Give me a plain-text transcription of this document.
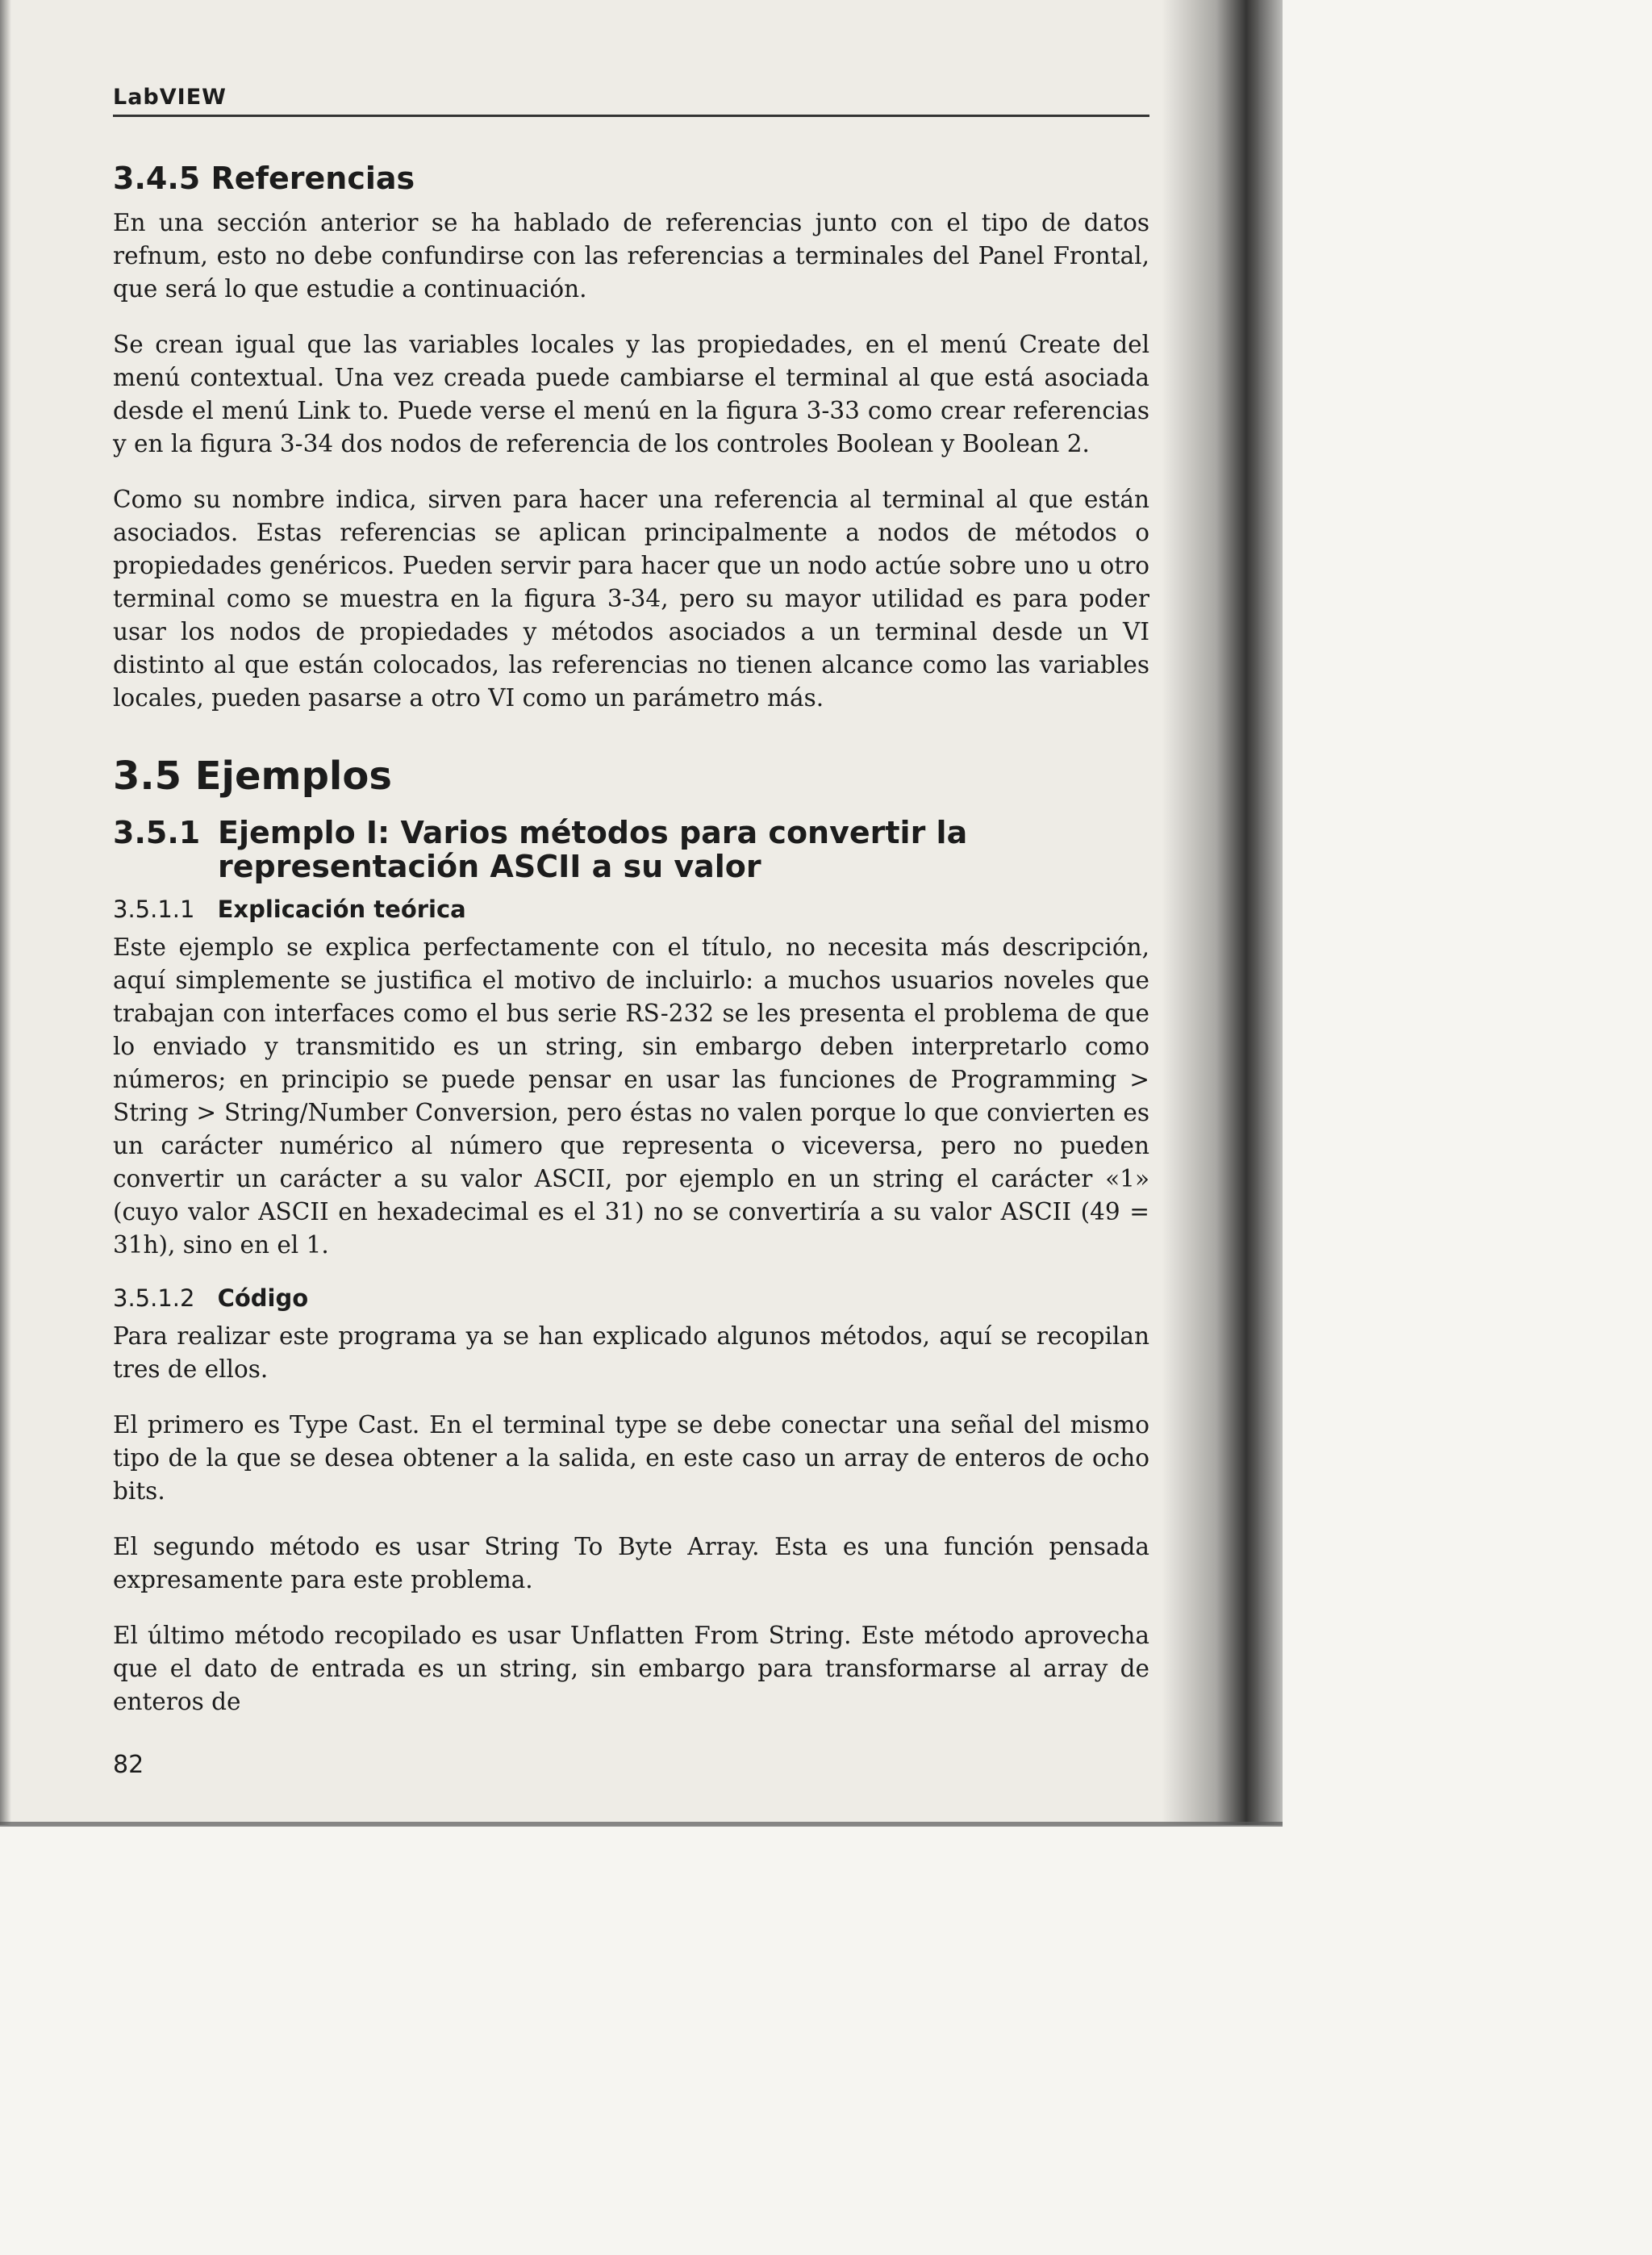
LabVIEW
3.4.5 Referencias

En una sección anterior se ha hablado de referencias junto con el tipo de datos refnum, esto no debe confundirse con las referencias a terminales del Panel Frontal, que será lo que estudie a continuación.

Se crean igual que las variables locales y las propiedades, en el menú Create del menú contextual. Una vez creada puede cambiarse el terminal al que está asociada desde el menú Link to. Puede verse el menú en la figura 3-33 como crear referencias y en la figura 3-34 dos nodos de referencia de los controles Boolean y Boolean 2.

Como su nombre indica, sirven para hacer una referencia al terminal al que están asociados. Estas referencias se aplican principalmente a nodos de métodos o propiedades genéricos. Pueden servir para hacer que un nodo actúe sobre uno u otro terminal como se muestra en la figura 3-34, pero su mayor utilidad es para poder usar los nodos de propiedades y métodos asociados a un terminal desde un VI distinto al que están colocados, las referencias no tienen alcance como las variables locales, pueden pasarse a otro VI como un parámetro más.

3.5 Ejemplos
3.5.1 Ejemplo I: Varios métodos para convertir la representación ASCII a su valor
3.5.1.1 Explicación teórica

Este ejemplo se explica perfectamente con el título, no necesita más descripción, aquí simplemente se justifica el motivo de incluirlo: a muchos usuarios noveles que trabajan con interfaces como el bus serie RS-232 se les presenta el problema de que lo enviado y transmitido es un string, sin embargo deben interpretarlo como números; en principio se puede pensar en usar las funciones de Programming > String > String/Number Conversion, pero éstas no valen porque lo que convierten es un carácter numérico al número que representa o viceversa, pero no pueden convertir un carácter a su valor ASCII, por ejemplo en un string el carácter «1» (cuyo valor ASCII en hexadecimal es el 31) no se convertiría a su valor ASCII (49 = 31h), sino en el 1.

3.5.1.2 Código

Para realizar este programa ya se han explicado algunos métodos, aquí se recopilan tres de ellos.

El primero es Type Cast. En el terminal type se debe conectar una señal del mismo tipo de la que se desea obtener a la salida, en este caso un array de enteros de ocho bits.

El segundo método es usar String To Byte Array. Esta es una función pensada expresamente para este problema.

El último método recopilado es usar Unflatten From String. Este método aprovecha que el dato de entrada es un string, sin embargo para transformarse al array de enteros de

82
